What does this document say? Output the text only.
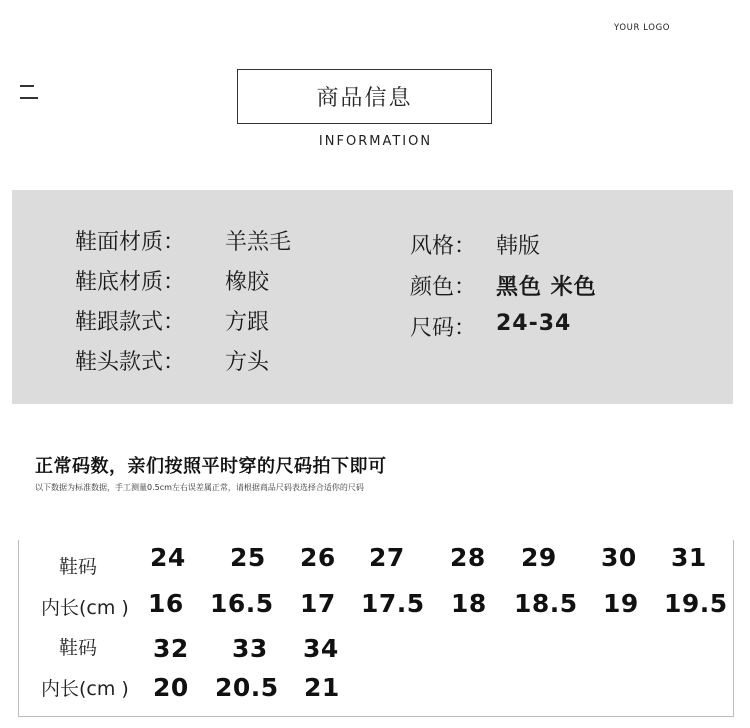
YOUR LOGO
商品信息
INFORMATION
鞋面材质： 羊羔毛
鞋底材质： 橡胶
鞋跟款式： 方跟
鞋头款式： 方头
风格： 韩版
颜色： 黑色 米色
尺码： 24-34
正常码数，亲们按照平时穿的尺码拍下即可
以下数据为标准数据，手工测量0.5cm左右误差属正常，请根据商品尺码表选择合适你的尺码
鞋码
内长(cm )
鞋码
内长(cm )
24 25 26 27 28 29 30 31
16 16.5 17 17.5 18 18.5 19 19.5
32 33 34
20 20.5 21
